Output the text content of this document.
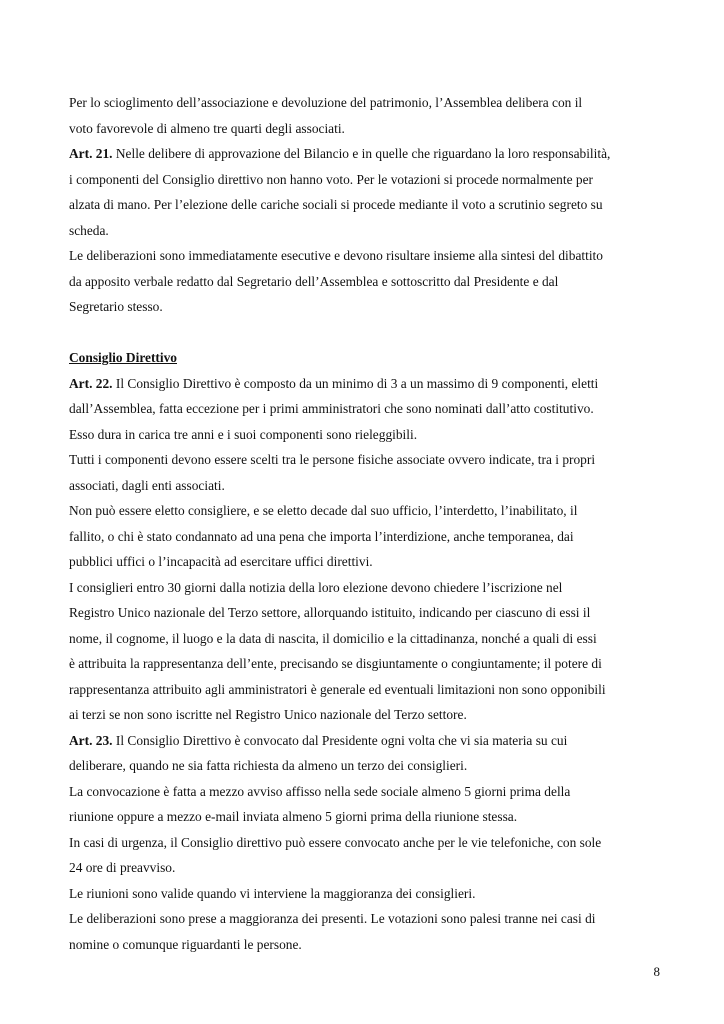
Per lo scioglimento dell’associazione e devoluzione del patrimonio, l’Assemblea delibera con il
voto favorevole di almeno tre quarti degli associati.
Art. 21. Nelle delibere di approvazione del Bilancio e in quelle che riguardano la loro responsabilità,
i componenti del Consiglio direttivo non hanno voto. Per le votazioni si procede normalmente per
alzata di mano. Per l’elezione delle cariche sociali si procede mediante il voto a scrutinio segreto su
scheda.
Le deliberazioni sono immediatamente esecutive e devono risultare insieme alla sintesi del dibattito
da apposito verbale redatto dal Segretario dell’Assemblea e sottoscritto dal Presidente e dal
Segretario stesso.
Consiglio Direttivo
Art. 22. Il Consiglio Direttivo è composto da un minimo di 3 a un massimo di 9 componenti, eletti
dall’Assemblea, fatta eccezione per i primi amministratori che sono nominati dall’atto costitutivo.
Esso dura in carica tre anni e i suoi componenti sono rieleggibili.
Tutti i componenti devono essere scelti tra le persone fisiche associate ovvero indicate, tra i propri
associati, dagli enti associati.
Non può essere eletto consigliere, e se eletto decade dal suo ufficio, l’interdetto, l’inabilitato, il
fallito, o chi è stato condannato ad una pena che importa l’interdizione, anche temporanea, dai
pubblici uffici o l’incapacità ad esercitare uffici direttivi.
I consiglieri entro 30 giorni dalla notizia della loro elezione devono chiedere l’iscrizione nel
Registro Unico nazionale del Terzo settore, allorquando istituito, indicando per ciascuno di essi il
nome, il cognome, il luogo e la data di nascita, il domicilio e la cittadinanza, nonché a quali di essi
è attribuita la rappresentanza dell’ente, precisando se disgiuntamente o congiuntamente; il potere di
rappresentanza attribuito agli amministratori è generale ed eventuali limitazioni non sono opponibili
ai terzi se non sono iscritte nel Registro Unico nazionale del Terzo settore.
Art. 23. Il Consiglio Direttivo è convocato dal Presidente ogni volta che vi sia materia su cui
deliberare, quando ne sia fatta richiesta da almeno un terzo dei consiglieri.
La convocazione è fatta a mezzo avviso affisso nella sede sociale almeno 5 giorni prima della
riunione oppure a mezzo e-mail inviata almeno 5 giorni prima della riunione stessa.
In casi di urgenza, il Consiglio direttivo può essere convocato anche per le vie telefoniche, con sole
24 ore di preavviso.
Le riunioni sono valide quando vi interviene la maggioranza dei consiglieri.
Le deliberazioni sono prese a maggioranza dei presenti. Le votazioni sono palesi tranne nei casi di
nomine o comunque riguardanti le persone.
8
